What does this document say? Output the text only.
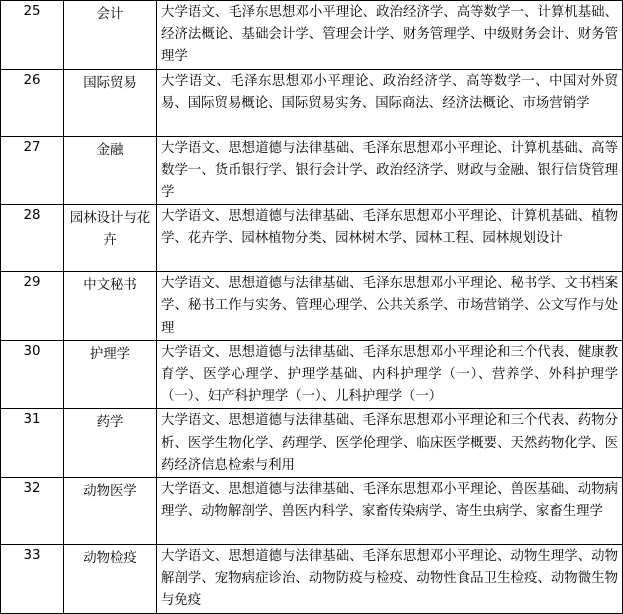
25	会计	大学语文、毛泽东思想邓小平理论、政治经济学、高等数学一、计算机基础、经济法概论、基础会计学、管理会计学、财务管理学、中级财务会计、财务管理学
26	国际贸易	大学语文、毛泽东思想邓小平理论、政治经济学、高等数学一、中国对外贸易、国际贸易概论、国际贸易实务、国际商法、经济法概论、市场营销学
27	金融	大学语文、思想道德与法律基础、毛泽东思想邓小平理论、计算机基础、高等数学一、货币银行学、银行会计学、政治经济学、财政与金融、银行信贷管理学
28	园林设计与花卉	大学语文、思想道德与法律基础、毛泽东思想邓小平理论、计算机基础、植物学、花卉学、园林植物分类、园林树木学、园林工程、园林规划设计
29	中文秘书	大学语文、思想道德与法律基础、毛泽东思想邓小平理论、秘书学、文书档案学、秘书工作与实务、管理心理学、公共关系学、市场营销学、公文写作与处理
30	护理学	大学语文、思想道德与法律基础、毛泽东思想邓小平理论和三个代表、健康教育学、医学心理学、护理学基础、内科护理学（一）、营养学、外科护理学（一）、妇产科护理学（一）、儿科护理学（一）
31	药学	大学语文、思想道德与法律基础、毛泽东思想邓小平理论和三个代表、药物分析、医学生物化学、药理学、医学伦理学、临床医学概要、天然药物化学、医药经济信息检索与利用
32	动物医学	大学语文、思想道德与法律基础、毛泽东思想邓小平理论、兽医基础、动物病理学、动物解剖学、兽医内科学、家畜传染病学、寄生虫病学、家畜生理学
33	动物检疫	大学语文、思想道德与法律基础、毛泽东思想邓小平理论、动物生理学、动物解剖学、宠物病症诊治、动物防疫与检疫、动物性食品卫生检疫、动物微生物与免疫
